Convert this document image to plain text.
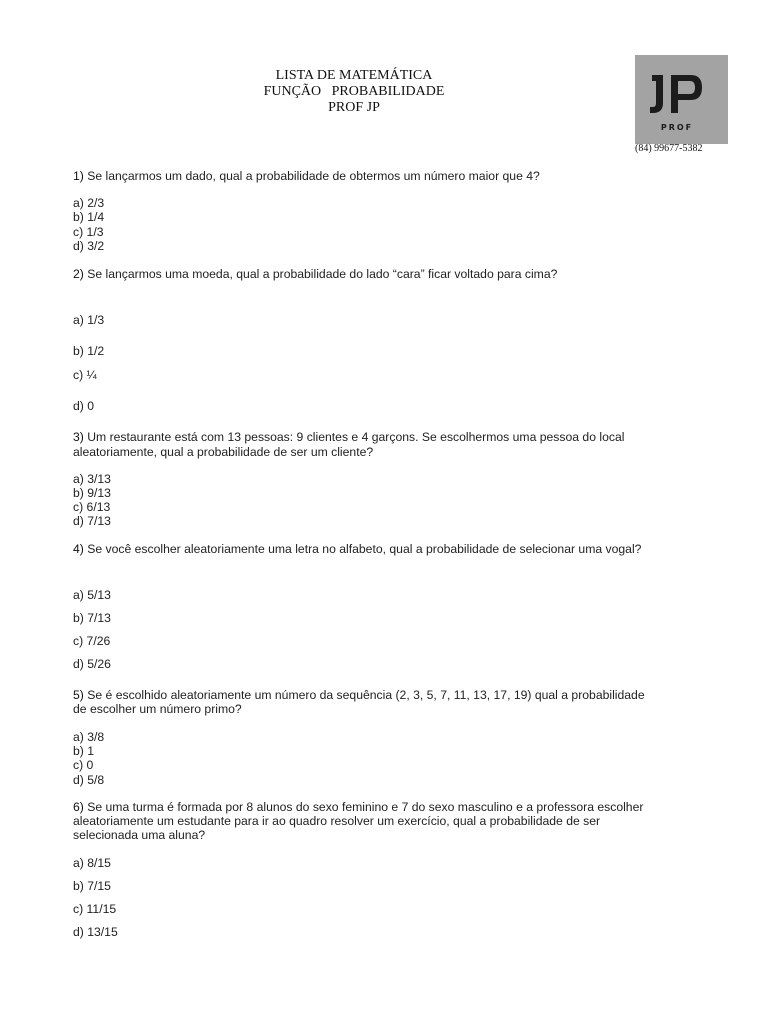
LISTA DE MATEMÁTICA
FUNÇÃO   PROBABILIDADE
PROF JP
PROF
(84) 99677-5382
1) Se lançarmos um dado, qual a probabilidade de obtermos um número maior que 4?
a) 2/3
b) 1/4
c) 1/3
d) 3/2
2) Se lançarmos uma moeda, qual a probabilidade do lado “cara” ficar voltado para cima?
a) 1/3
b) 1/2
c) ¼
d) 0
3) Um restaurante está com 13 pessoas: 9 clientes e 4 garçons. Se escolhermos uma pessoa do local
aleatoriamente, qual a probabilidade de ser um cliente?
a) 3/13
b) 9/13
c) 6/13
d) 7/13
4) Se você escolher aleatoriamente uma letra no alfabeto, qual a probabilidade de selecionar uma vogal?
a) 5/13
b) 7/13
c) 7/26
d) 5/26
5) Se é escolhido aleatoriamente um número da sequência (2, 3, 5, 7, 11, 13, 17, 19) qual a probabilidade
de escolher um número primo?
a) 3/8
b) 1
c) 0
d) 5/8
6) Se uma turma é formada por 8 alunos do sexo feminino e 7 do sexo masculino e a professora escolher
aleatoriamente um estudante para ir ao quadro resolver um exercício, qual a probabilidade de ser
selecionada uma aluna?
a) 8/15
b) 7/15
c) 11/15
d) 13/15
